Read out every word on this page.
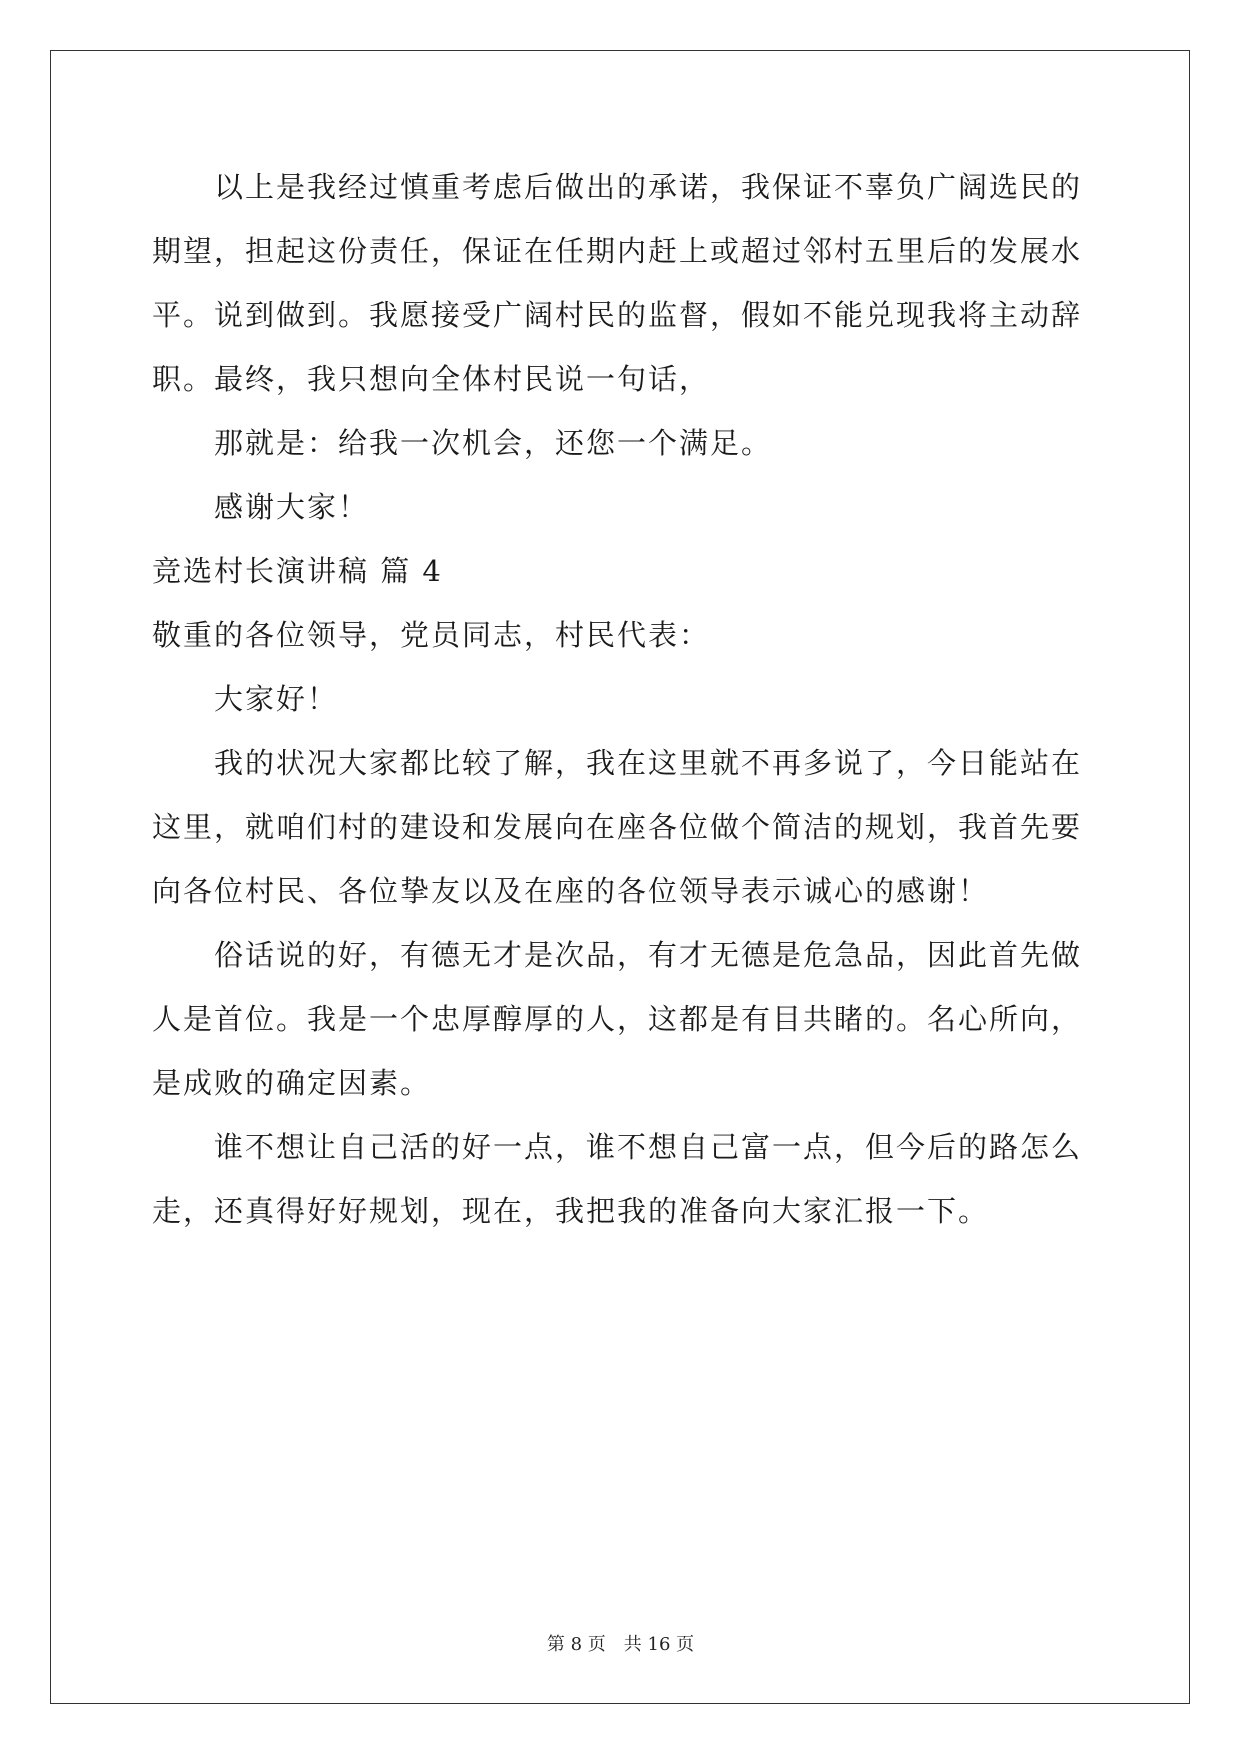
以上是我经过慎重考虑后做出的承诺，我保证不辜负广阔选民的
期望，担起这份责任，保证在任期内赶上或超过邻村五里后的发展水
平。说到做到。我愿接受广阔村民的监督，假如不能兑现我将主动辞
职。最终，我只想向全体村民说一句话，
那就是：给我一次机会，还您一个满足。
感谢大家！
竞选村长演讲稿 篇 4
敬重的各位领导，党员同志，村民代表：
大家好！
我的状况大家都比较了解，我在这里就不再多说了，今日能站在
这里，就咱们村的建设和发展向在座各位做个简洁的规划，我首先要
向各位村民、各位挚友以及在座的各位领导表示诚心的感谢！
俗话说的好，有德无才是次品，有才无德是危急品，因此首先做
人是首位。我是一个忠厚醇厚的人，这都是有目共睹的。名心所向，
是成败的确定因素。
谁不想让自己活的好一点，谁不想自己富一点，但今后的路怎么
走，还真得好好规划，现在，我把我的准备向大家汇报一下。
第 8 页　共 16 页
